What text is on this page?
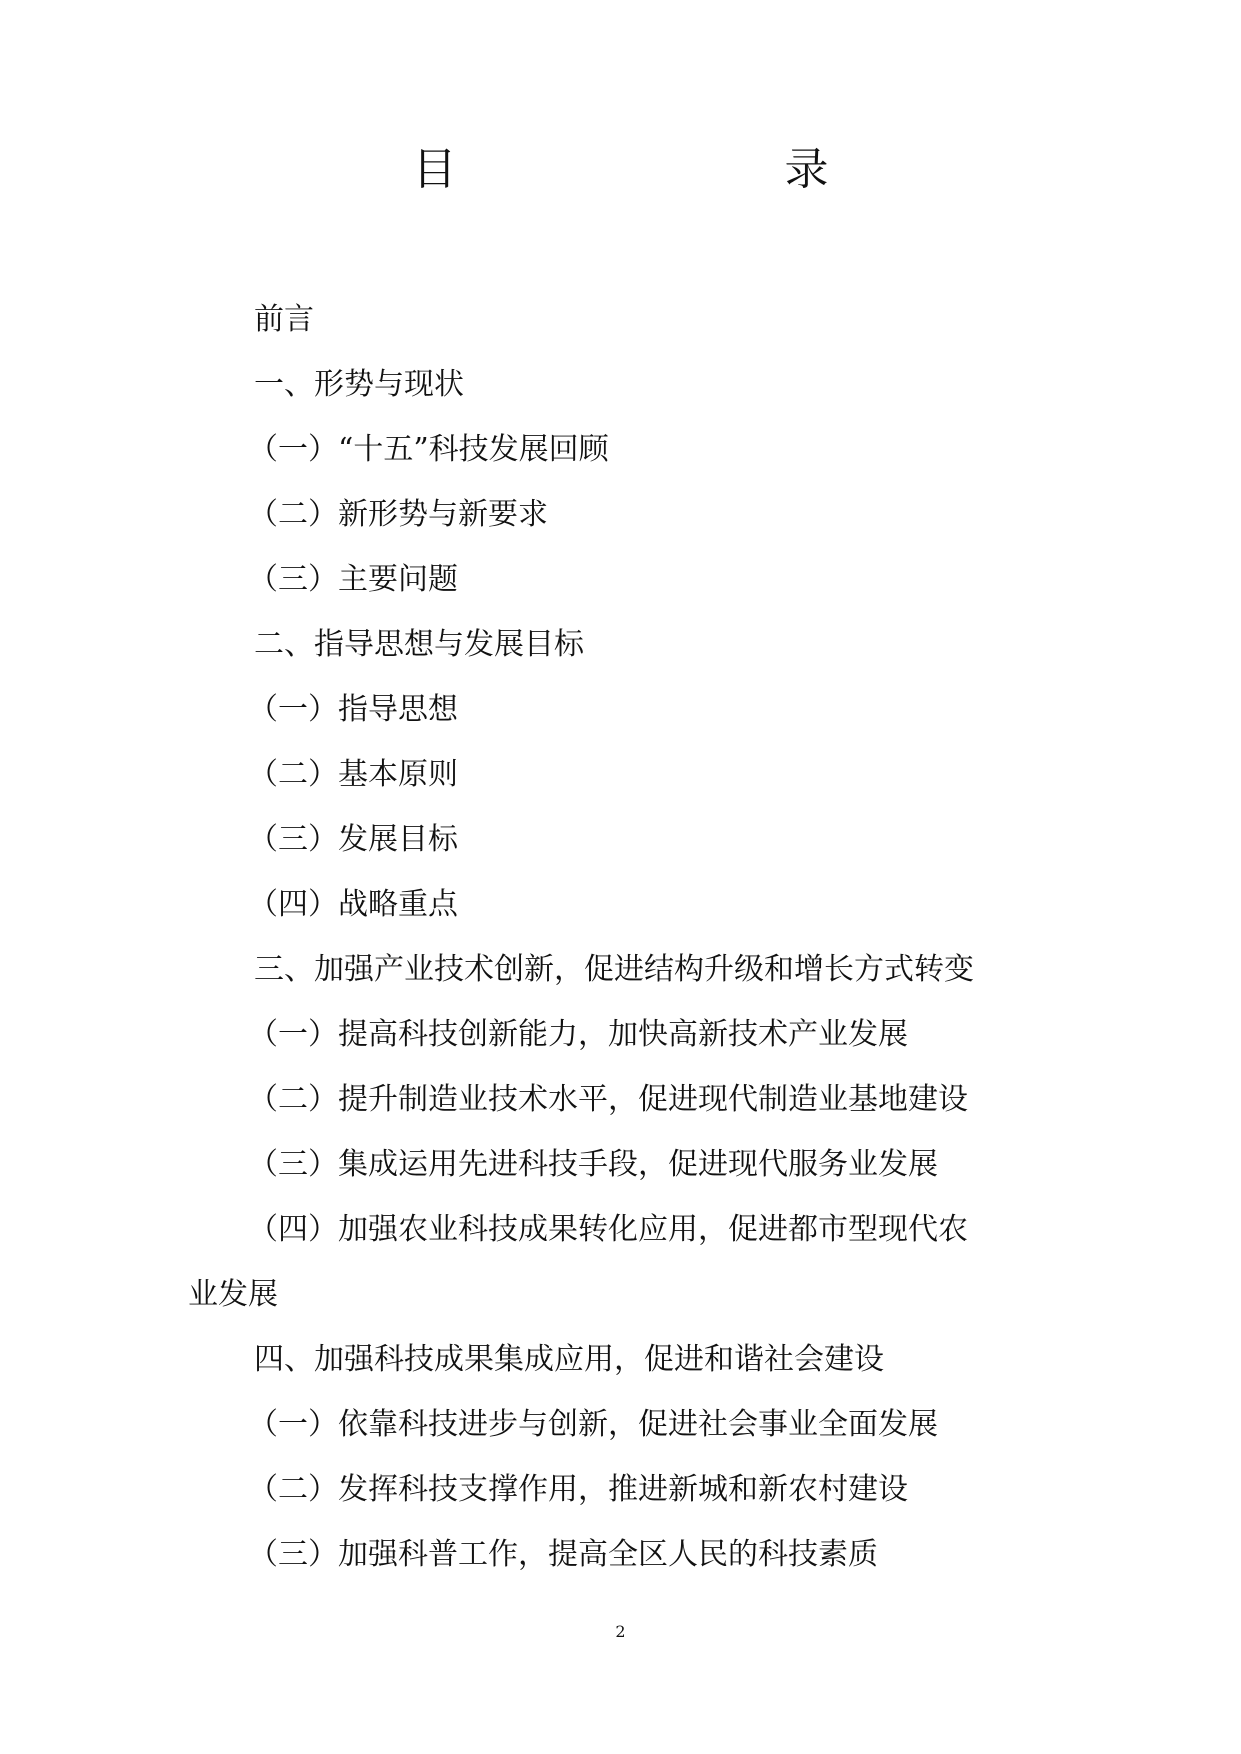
目　　录
前言
一、形势与现状
（一）“十五”科技发展回顾
（二）新形势与新要求
（三）主要问题
二、指导思想与发展目标
（一）指导思想
（二）基本原则
（三）发展目标
（四）战略重点
三、加强产业技术创新，促进结构升级和增长方式转变
（一）提高科技创新能力，加快高新技术产业发展
（二）提升制造业技术水平，促进现代制造业基地建设
（三）集成运用先进科技手段，促进现代服务业发展
（四）加强农业科技成果转化应用，促进都市型现代农
业发展
四、加强科技成果集成应用，促进和谐社会建设
（一）依靠科技进步与创新，促进社会事业全面发展
（二）发挥科技支撑作用，推进新城和新农村建设
（三）加强科普工作，提高全区人民的科技素质
2
